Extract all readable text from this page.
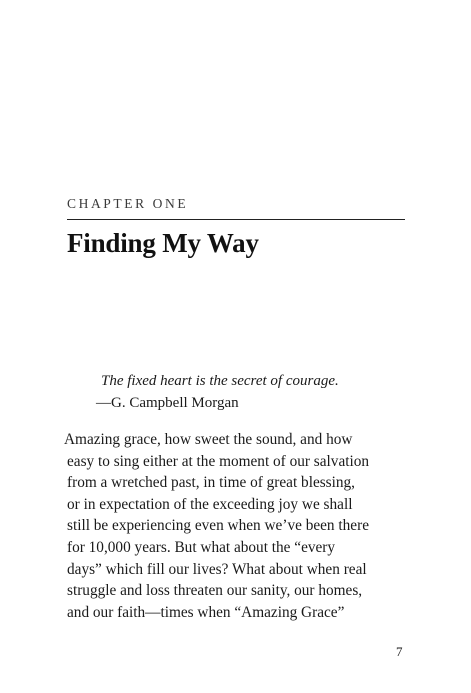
CHAPTER ONE
Finding My Way
The fixed heart is the secret of courage.
—G. Campbell Morgan
Amazing grace, how sweet the sound, and how
easy to sing either at the moment of our salvation
from a wretched past, in time of great blessing,
or in expectation of the exceeding joy we shall
still be experiencing even when we’ve been there
for 10,000 years. But what about the “every
days” which fill our lives? What about when real
struggle and loss threaten our sanity, our homes,
and our faith—times when “Amazing Grace”
7
